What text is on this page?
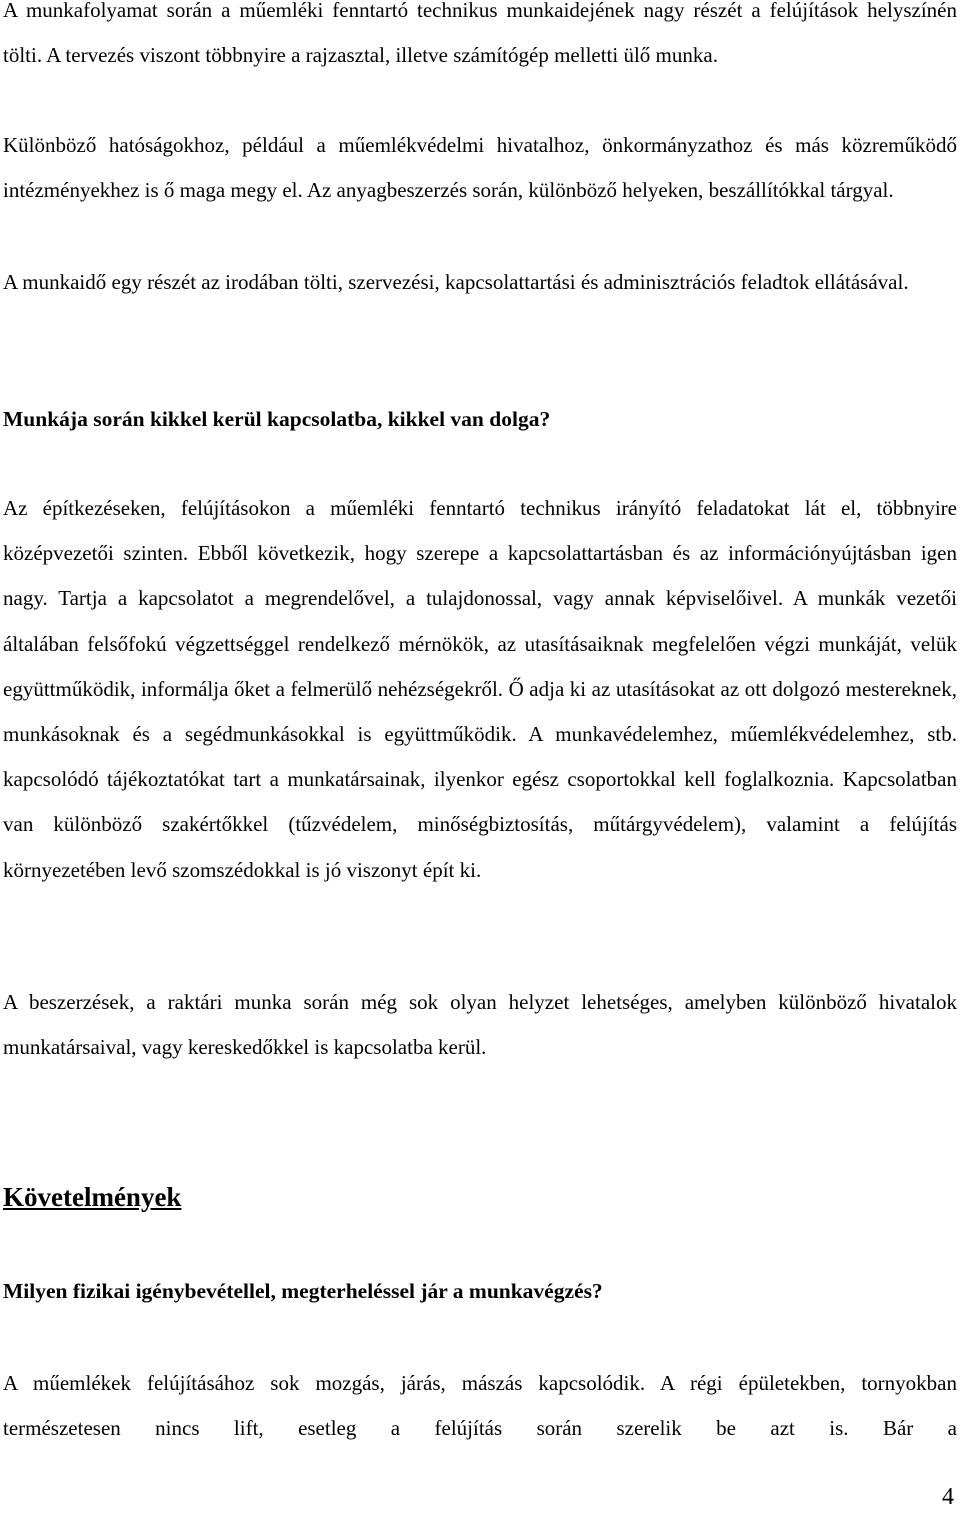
A munkafolyamat során a műemléki fenntartó technikus munkaidejének nagy részét a felújítások helyszínén tölti. A tervezés viszont többnyire a rajzasztal, illetve számítógép melletti ülő munka.

Különböző hatóságokhoz, például a műemlékvédelmi hivatalhoz, önkormányzathoz és más közreműködő intézményekhez is ő maga megy el. Az anyagbeszerzés során, különböző helyeken, beszállítókkal tárgyal.

A munkaidő egy részét az irodában tölti, szervezési, kapcsolattartási és adminisztrációs feladtok ellátásával.

Munkája során kikkel kerül kapcsolatba, kikkel van dolga?

Az építkezéseken, felújításokon a műemléki fenntartó technikus irányító feladatokat lát el, többnyire középvezetői szinten. Ebből következik, hogy szerepe a kapcsolattartásban és az információnyújtásban igen nagy. Tartja a kapcsolatot a megrendelővel, a tulajdonossal, vagy annak képviselőivel. A munkák vezetői általában felsőfokú végzettséggel rendelkező mérnökök, az utasításaiknak megfelelően végzi munkáját, velük együttműködik, informálja őket a felmerülő nehézségekről. Ő adja ki az utasításokat az ott dolgozó mestereknek, munkásoknak és a segédmunkásokkal is együttműködik. A munkavédelemhez, műemlékvédelemhez, stb. kapcsolódó tájékoztatókat tart a munkatársainak, ilyenkor egész csoportokkal kell foglalkoznia. Kapcsolatban van különböző szakértőkkel (tűzvédelem, minőségbiztosítás, műtárgyvédelem), valamint a felújítás környezetében levő szomszédokkal is jó viszonyt épít ki.

A beszerzések, a raktári munka során még sok olyan helyzet lehetséges, amelyben különböző hivatalok munkatársaival, vagy kereskedőkkel is kapcsolatba kerül.

Követelmények

Milyen fizikai igénybevétellel, megterheléssel jár a munkavégzés?

A műemlékek felújításához sok mozgás, járás, mászás kapcsolódik. A régi épületekben, tornyokban természetesen nincs lift, esetleg a felújítás során szerelik be azt is. Bár a

4
